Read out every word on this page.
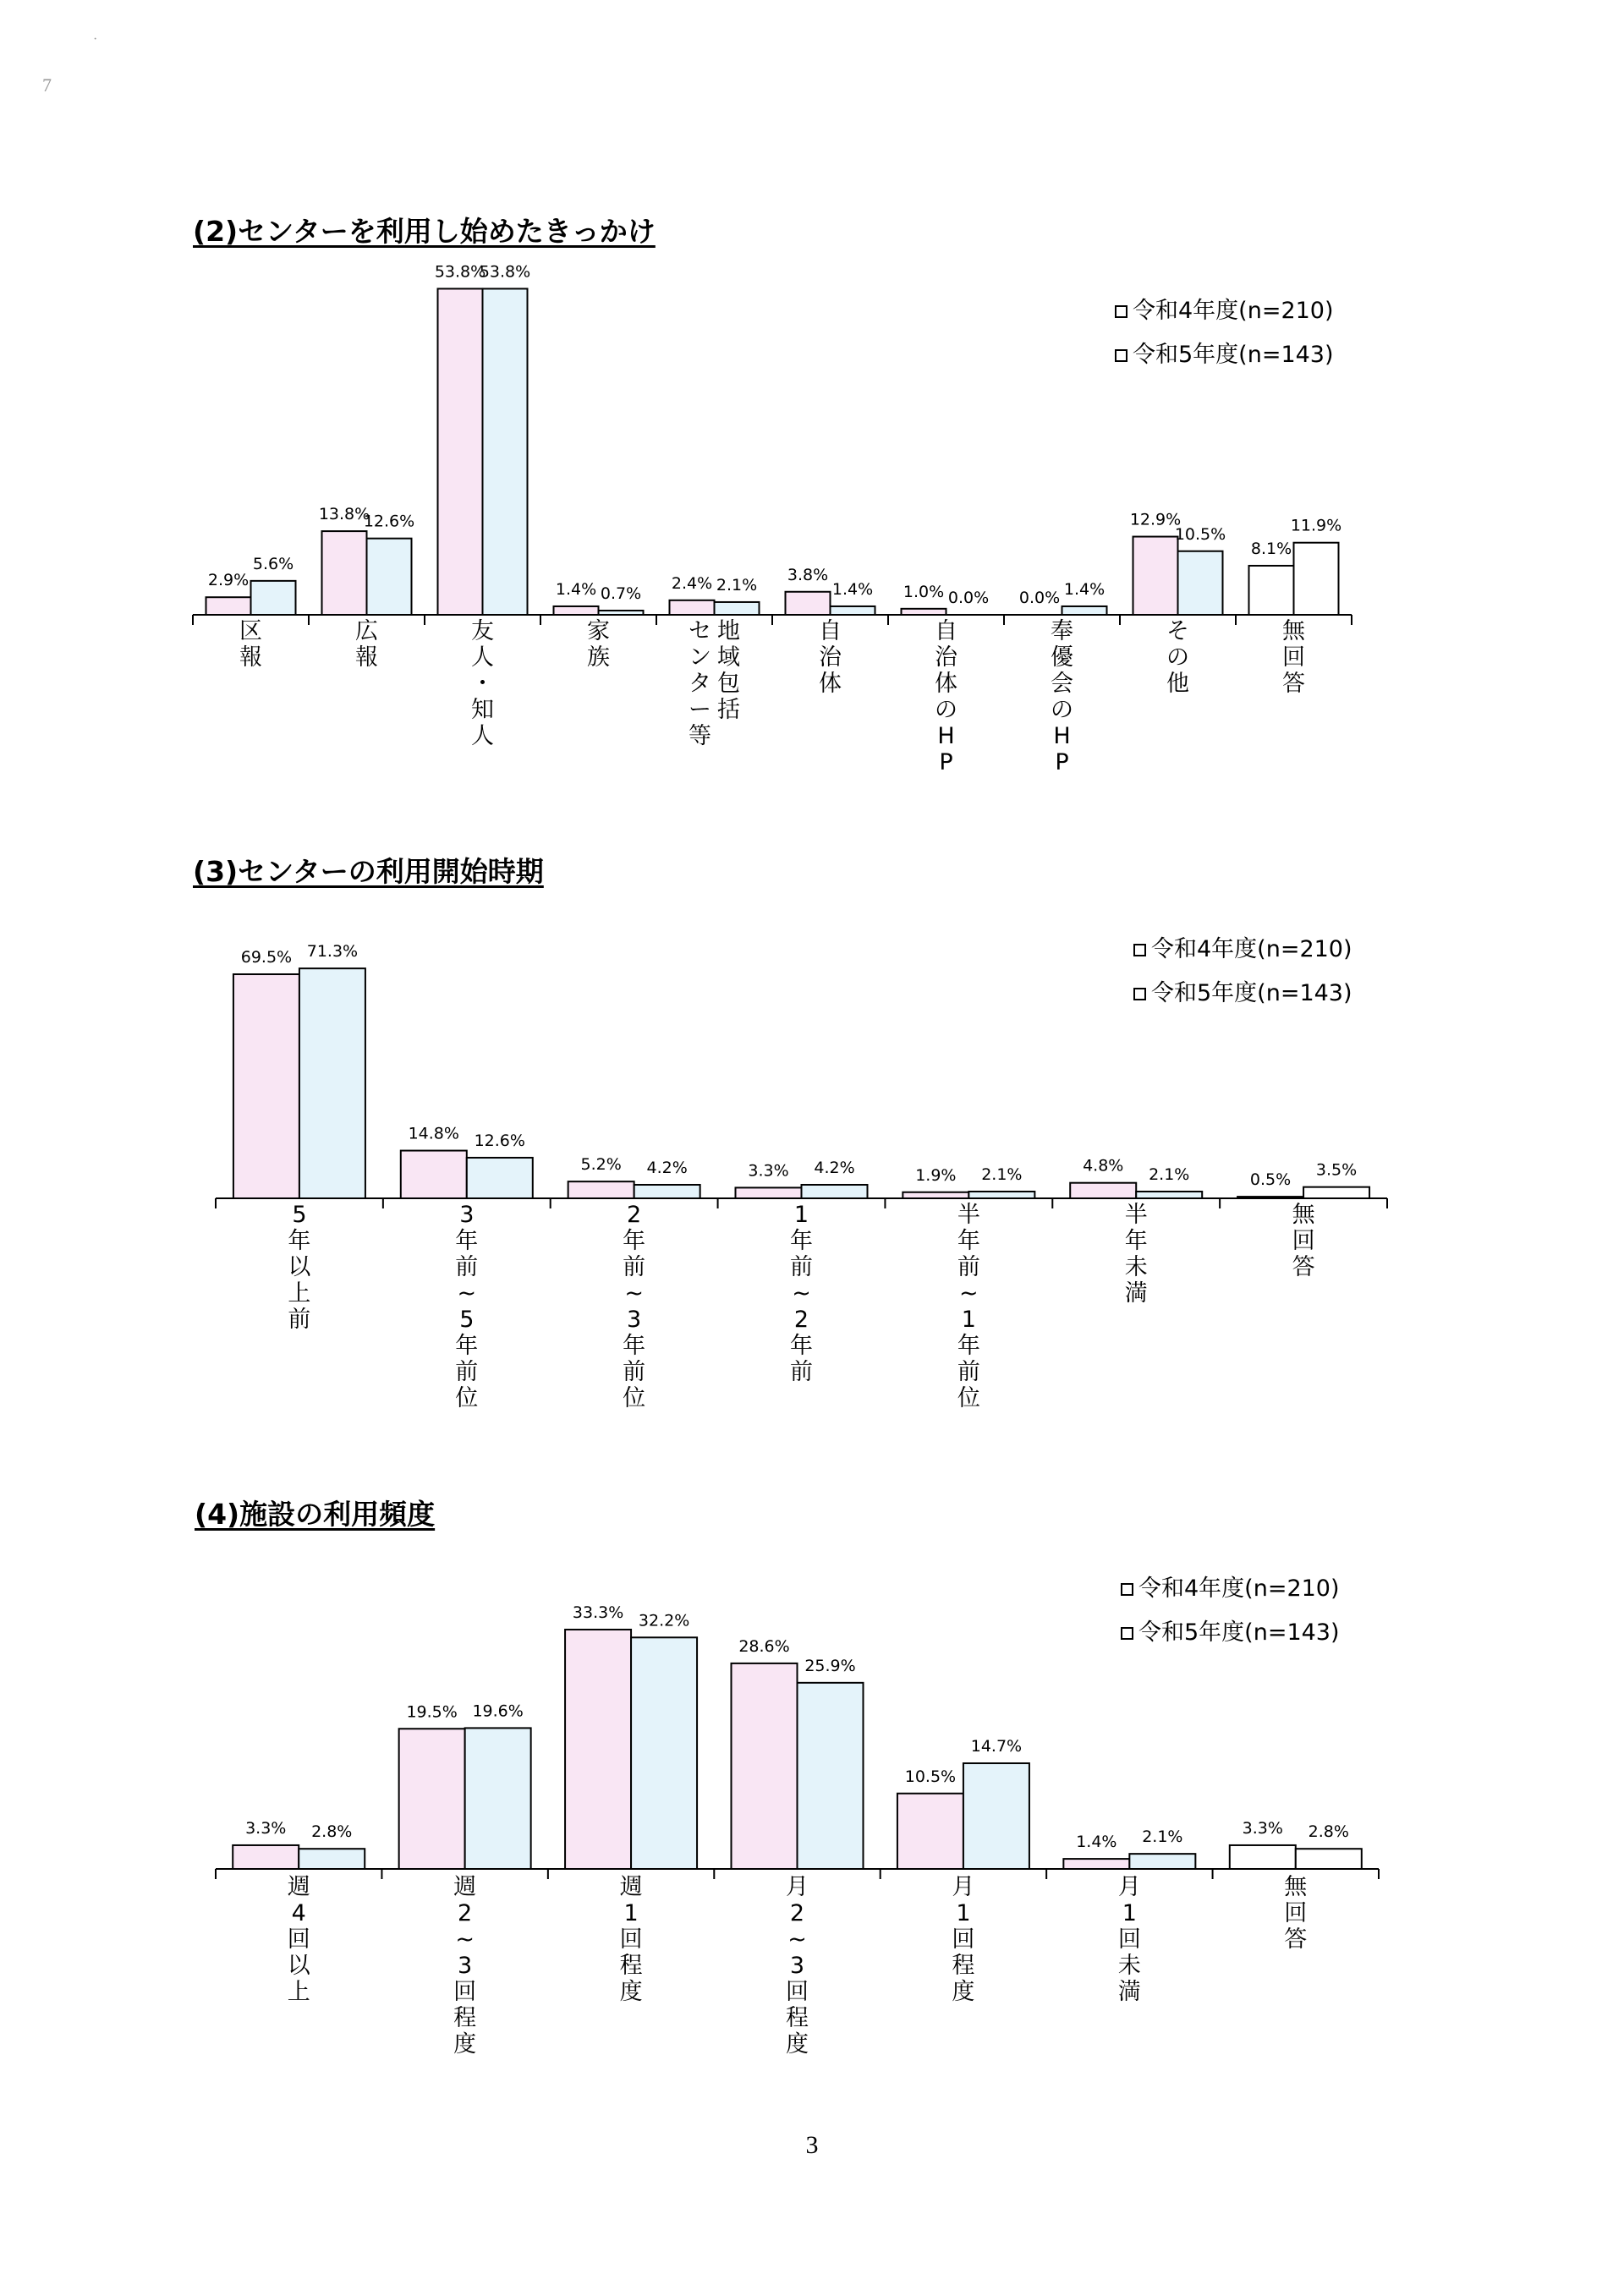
7
·
(2)センターを利用し始めたきっかけ
令和4年度(n=210)
令和5年度(n=143)
2.9%
5.6%
区報
13.8%
12.6%
広報
53.8%
53.8%
友人・知人
1.4% 0.7%
家族
2.4% 2.1%
地域包括
センター等
3.8%
1.4%
自治体
1.0% 0.0%
自治体の H P
0.0% 1.4%
奉優会の H P
12.9%
10.5%
その他
8.1%
11.9%
無回答
(3)センターの利用開始時期
令和4年度(n=210)
令和5年度(n=143)
69.5% 71.3%
5 年以上前
14.8% 12.6%
3 年前~ 5 年前位
5.2% 4.2%
2 年前~ 3 年前位
3.3% 4.2%
1 年前~ 2 年前
1.9% 2.1%
半年前~ 1 年前位
4.8% 2.1%
半年未満
0.5%
3.5%
無回答
(4)施設の利用頻度
令和4年度(n=210)
令和5年度(n=143)
3.3% 2.8%
週 4 回以上
19.5% 19.6%
週 2 ~ 3 回程度
33.3% 32.2%
週 1 回程度
28.6%
25.9%
月 2 ~ 3 回程度
10.5%
14.7%
月 1 回程度
1.4% 2.1%
月 1 回未満
3.3% 2.8%
無回答
3
